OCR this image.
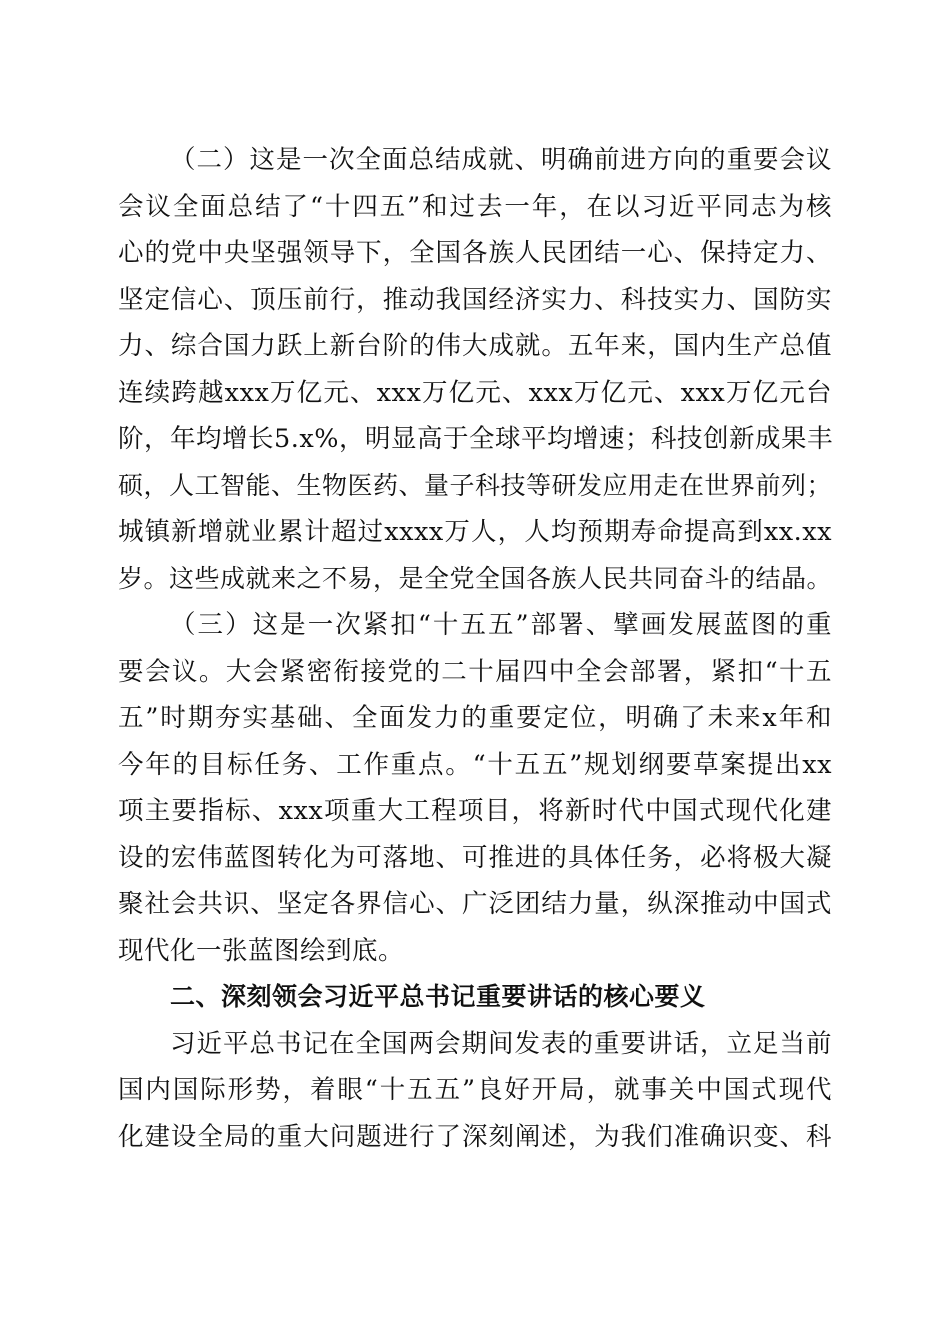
（二）这是一次全面总结成就、明确前进方向的重要会议
会议全面总结了“十四五”和过去一年，在以习近平同志为核
心的党中央坚强领导下，全国各族人民团结一心、保持定力、
坚定信心、顶压前行，推动我国经济实力、科技实力、国防实
力、综合国力跃上新台阶的伟大成就。五年来，国内生产总值
连续跨越xxx万亿元、xxx万亿元、xxx万亿元、xxx万亿元台
阶，年均增长5.x%，明显高于全球平均增速；科技创新成果丰
硕，人工智能、生物医药、量子科技等研发应用走在世界前列；
城镇新增就业累计超过xxxx万人，人均预期寿命提高到xx.xx
岁。这些成就来之不易，是全党全国各族人民共同奋斗的结晶。
（三）这是一次紧扣“十五五”部署、擘画发展蓝图的重
要会议。大会紧密衔接党的二十届四中全会部署，紧扣“十五
五”时期夯实基础、全面发力的重要定位，明确了未来x年和
今年的目标任务、工作重点。“十五五”规划纲要草案提出xx
项主要指标、xxx项重大工程项目，将新时代中国式现代化建
设的宏伟蓝图转化为可落地、可推进的具体任务，必将极大凝
聚社会共识、坚定各界信心、广泛团结力量，纵深推动中国式
现代化一张蓝图绘到底。
二、深刻领会习近平总书记重要讲话的核心要义
习近平总书记在全国两会期间发表的重要讲话，立足当前
国内国际形势，着眼“十五五”良好开局，就事关中国式现代
化建设全局的重大问题进行了深刻阐述，为我们准确识变、科
